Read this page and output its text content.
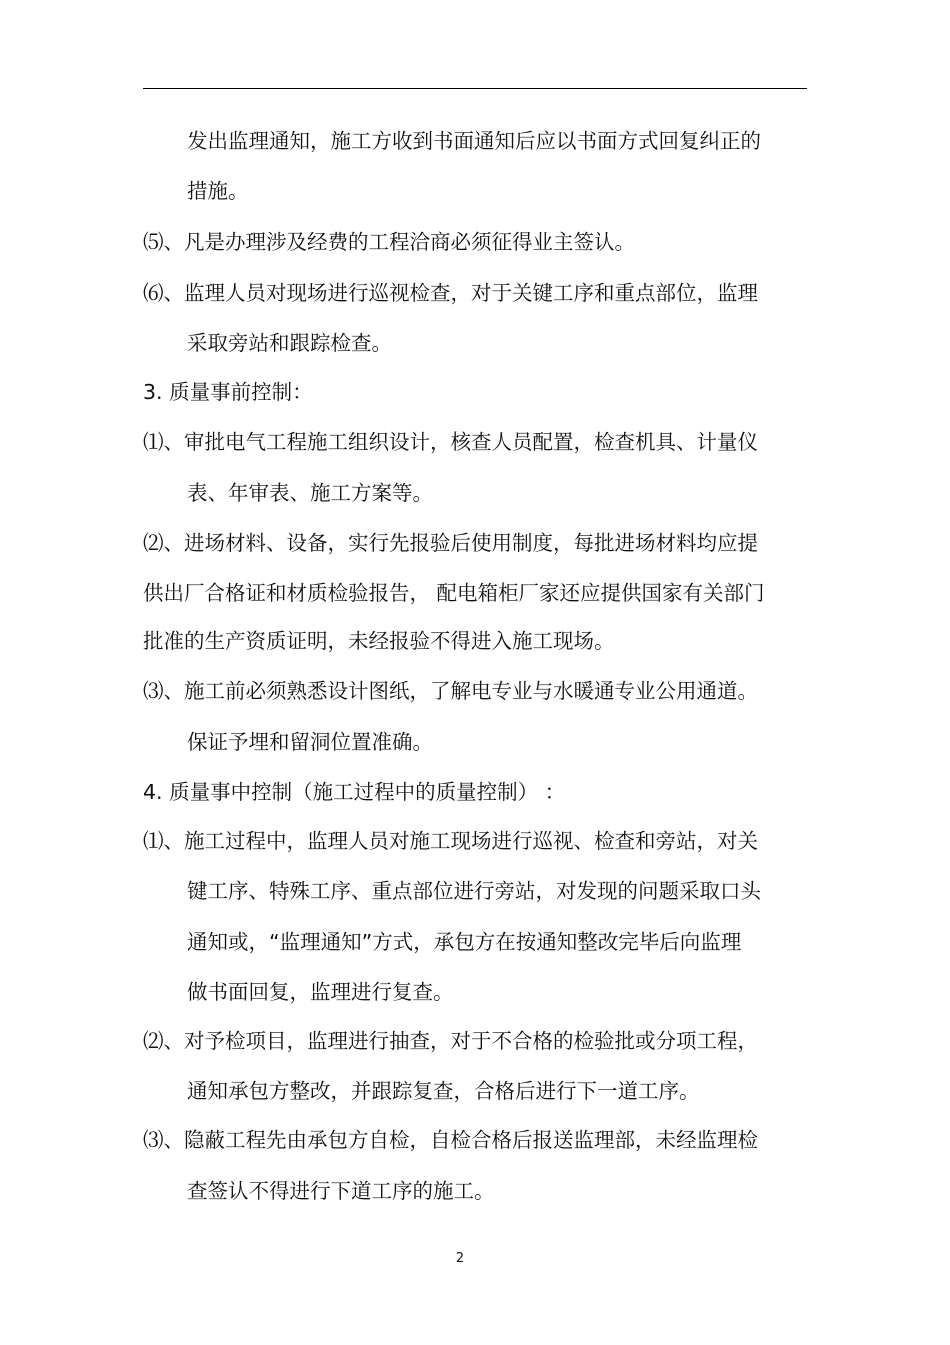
发出监理通知，施工方收到书面通知后应以书面方式回复纠正的
措施。
⑸、凡是办理涉及经费的工程洽商必须征得业主签认。
⑹、监理人员对现场进行巡视检查，对于关键工序和重点部位，监理
采取旁站和跟踪检查。
3. 质量事前控制：
⑴、审批电气工程施工组织设计，核查人员配置，检查机具、计量仪
表、年审表、施工方案等。
⑵、进场材料、设备，实行先报验后使用制度，每批进场材料均应提
供出厂合格证和材质检验报告， 配电箱柜厂家还应提供国家有关部门
批准的生产资质证明，未经报验不得进入施工现场。
⑶、施工前必须熟悉设计图纸，了解电专业与水暖通专业公用通道。
保证予埋和留洞位置准确。
4. 质量事中控制（施工过程中的质量控制） ：
⑴、施工过程中，监理人员对施工现场进行巡视、检查和旁站，对关
键工序、特殊工序、重点部位进行旁站，对发现的问题采取口头
通知或，“监理通知”方式，承包方在按通知整改完毕后向监理
做书面回复，监理进行复查。
⑵、对予检项目，监理进行抽查，对于不合格的检验批或分项工程，
通知承包方整改，并跟踪复查，合格后进行下一道工序。
⑶、隐蔽工程先由承包方自检，自检合格后报送监理部，未经监理检
查签认不得进行下道工序的施工。
2
